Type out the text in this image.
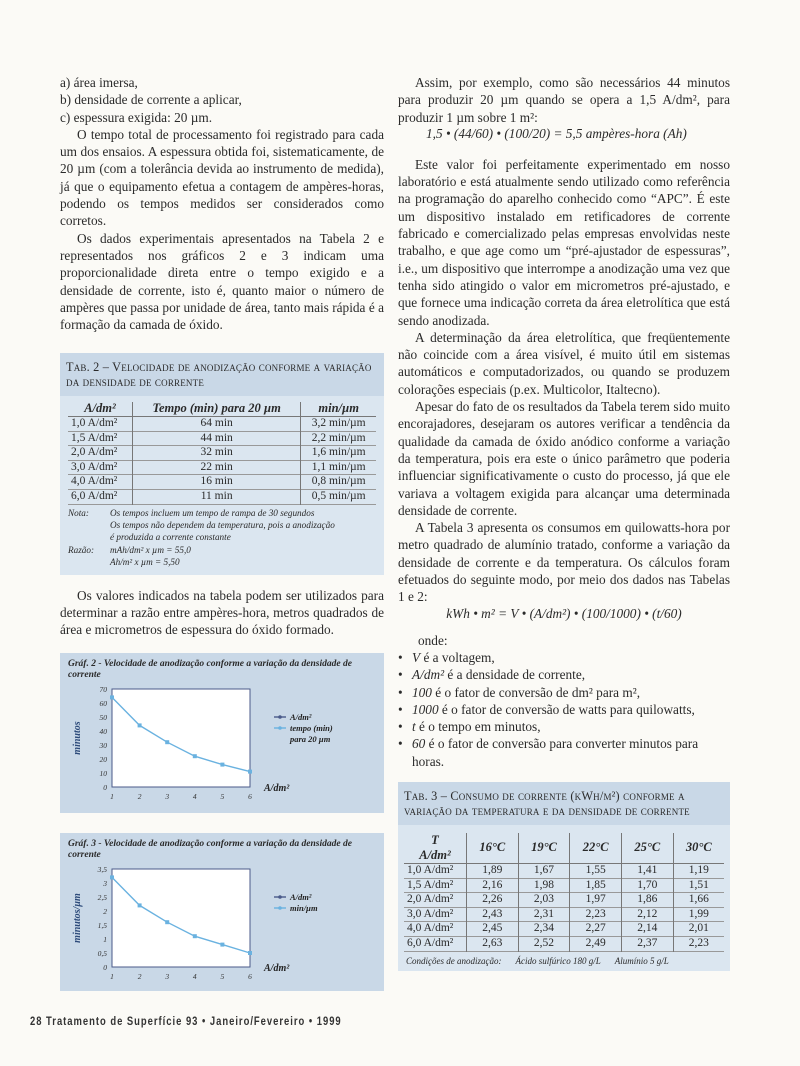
a) área imersa,
b) densidade de corrente a aplicar,
c) espessura exigida: 20 µm.

O tempo total de processamento foi registrado para cada um dos ensaios. A espessura obtida foi, sistematicamente, de 20 µm (com a tolerância devida ao instrumento de medida), já que o equipamento efetua a contagem de ampères-horas, podendo os tempos medidos ser considerados como corretos.

Os dados experimentais apresentados na Tabela 2 e representados nos gráficos 2 e 3 indicam uma proporcionalidade direta entre o tempo exigido e a densidade de corrente, isto é, quanto maior o número de ampères que passa por unidade de área, tanto mais rápida é a formação da camada de óxido.

Tab. 2 – Velocidade de anodização conforme a variação da densidade de corrente
A/dm²	Tempo (min) para 20 µm	min/µm
1,0 A/dm²	64 min	3,2 min/µm
1,5 A/dm²	44 min	2,2 min/µm
2,0 A/dm²	32 min	1,6 min/µm
3,0 A/dm²	22 min	1,1 min/µm
4,0 A/dm²	16 min	0,8 min/µm
6,0 A/dm²	11 min	0,5 min/µm
Nota:	Os tempos incluem um tempo de rampa de 30 segundos
Os tempos não dependem da temperatura, pois a anodização
é produzida a corrente constante
Razão:	mAh/dm² x µm = 55,0
Ah/m² x µm = 5,50

Os valores indicados na tabela podem ser utilizados para determinar a razão entre ampères-hora, metros quadrados de área e micrometros de espessura do óxido formado.

Gráf. 2 - Velocidade de anodização conforme a variação da densidade de corrente
0
10
20
30
40
50
60
70
1	2	3	4	5	6
A/dm²
minutos
A/dm²
tempo (min)
para 20 µm
Gráf. 3 - Velocidade de anodização conforme a variação da densidade de corrente
0
0,5
1
1,5
2
2,5
3
3,5
1	2	3	4	5	6
A/dm²
minutos/µm	A/dm²
min/µm

Assim, por exemplo, como são necessários 44 minutos para produzir 20 µm quando se opera a 1,5 A/dm², para produzir 1 µm sobre 1 m²:

1,5 • (44/60) • (100/20) = 5,5 ampères-hora (Ah)

Este valor foi perfeitamente experimentado em nosso laboratório e está atualmente sendo utilizado como referência na programação do aparelho conhecido como “APC”. É este um dispositivo instalado em retificadores de corrente fabricado e comercializado pelas empresas envolvidas neste trabalho, e que age como um “pré-ajustador de espessuras”, i.e., um dispositivo que interrompe a anodização uma vez que tenha sido atingido o valor em micrometros pré-ajustado, e que fornece uma indicação correta da área eletrolítica que está sendo anodizada.

A determinação da área eletrolítica, que freqüentemente não coincide com a área visível, é muito útil em sistemas automáticos e computadorizados, ou quando se produzem colorações especiais (p.ex. Multicolor, Italtecno).

Apesar do fato de os resultados da Tabela terem sido muito encorajadores, desejaram os autores verificar a tendência da qualidade da camada de óxido anódico conforme a variação da temperatura, pois era este o único parâmetro que poderia influenciar significativamente o custo do processo, já que ele variava a voltagem exigida para alcançar uma determinada densidade de corrente.

A Tabela 3 apresenta os consumos em quilowatts-hora por metro quadrado de alumínio tratado, conforme a variação da densidade de corrente e da temperatura. Os cálculos foram efetuados do seguinte modo, por meio dos dados nas Tabelas 1 e 2:

kWh • m² = V • (A/dm²) • (100/1000) • (t/60)
onde:
• V é a voltagem,
• A/dm² é a densidade de corrente,
• 100 é o fator de conversão de dm² para m²,
• 1000 é o fator de conversão de watts para quilowatts,
• t é o tempo em minutos,
• 60 é o fator de conversão para converter minutos para horas.
Tab. 3 – Consumo de corrente (kWh/m²) conforme a variação da temperatura e da densidade de corrente
T
A/dm²	16°C	19°C	22°C	25°C	30°C
1,0 A/dm²	1,89	1,67	1,55	1,41	1,19
1,5 A/dm²	2,16	1,98	1,85	1,70	1,51
2,0 A/dm²	2,26	2,03	1,97	1,86	1,66
3,0 A/dm²	2,43	2,31	2,23	2,12	1,99
4,0 A/dm²	2,45	2,34	2,27	2,14	2,01
6,0 A/dm²	2,63	2,52	2,49	2,37	2,23
Condições de anodização: Ácido sulfúrico 180 g/L Alumínio 5 g/L
28 Tratamento de Superfície 93 • Janeiro/Fevereiro • 1999
